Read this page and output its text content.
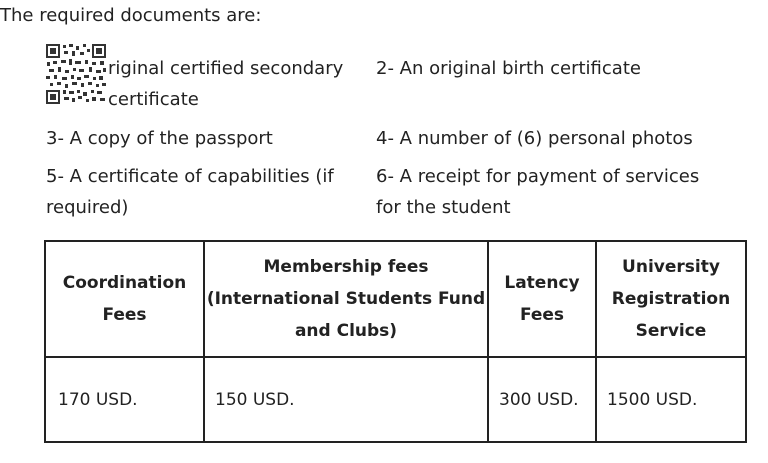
The required documents are:
riginal certified secondary
certificate
2- An original birth certificate
3- A copy of the passport	4- A number of (6) personal photos
5- A certificate of capabilities (if required)
6- A receipt for payment of services for the student
Coordination Fees	Membership fees (International Students Fund and Clubs)	Latency Fees	University Registration Service
170 USD.	150 USD.	300 USD.	1500 USD.
